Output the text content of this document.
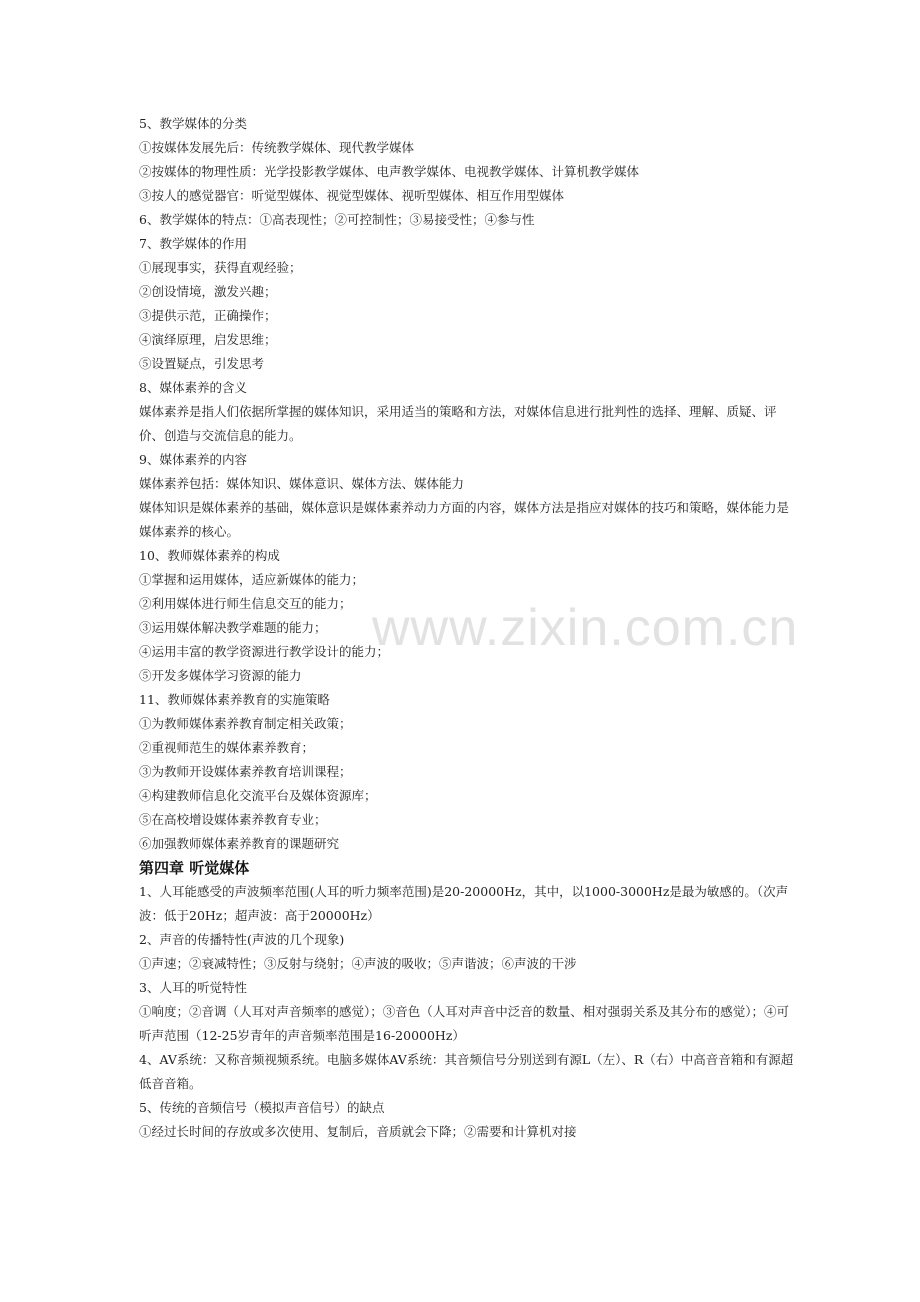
www.zixin.com.cn
5、教学媒体的分类
①按媒体发展先后：传统教学媒体、现代教学媒体
②按媒体的物理性质：光学投影教学媒体、电声教学媒体、电视教学媒体、计算机教学媒体
③按人的感觉器官：听觉型媒体、视觉型媒体、视听型媒体、相互作用型媒体
6、教学媒体的特点：①高表现性；②可控制性；③易接受性；④参与性
7、教学媒体的作用
①展现事实，获得直观经验；
②创设情境，激发兴趣；
③提供示范，正确操作；
④演绎原理，启发思维；
⑤设置疑点，引发思考
8、媒体素养的含义
媒体素养是指人们依据所掌握的媒体知识，采用适当的策略和方法，对媒体信息进行批判性的选择、理解、质疑、评价、创造与交流信息的能力。
9、媒体素养的内容
媒体素养包括：媒体知识、媒体意识、媒体方法、媒体能力
媒体知识是媒体素养的基础，媒体意识是媒体素养动力方面的内容，媒体方法是指应对媒体的技巧和策略，媒体能力是媒体素养的核心。
10、教师媒体素养的构成
①掌握和运用媒体，适应新媒体的能力；
②利用媒体进行师生信息交互的能力；
③运用媒体解决教学难题的能力；
④运用丰富的教学资源进行教学设计的能力；
⑤开发多媒体学习资源的能力
11、教师媒体素养教育的实施策略
①为教师媒体素养教育制定相关政策；
②重视师范生的媒体素养教育；
③为教师开设媒体素养教育培训课程；
④构建教师信息化交流平台及媒体资源库；
⑤在高校增设媒体素养教育专业；
⑥加强教师媒体素养教育的课题研究
第四章 听觉媒体
1、人耳能感受的声波频率范围(人耳的听力频率范围)是20-20000Hz，其中，以1000-3000Hz是最为敏感的。（次声波：低于20Hz；超声波：高于20000Hz）
2、声音的传播特性(声波的几个现象)
①声速；②衰减特性；③反射与绕射；④声波的吸收；⑤声谐波；⑥声波的干涉
3、人耳的听觉特性
①响度；②音调（人耳对声音频率的感觉）；③音色（人耳对声音中泛音的数量、相对强弱关系及其分布的感觉）；④可听声范围（12-25岁青年的声音频率范围是16-20000Hz）
4、AV系统：又称音频视频系统。电脑多媒体AV系统：其音频信号分别送到有源L（左）、R（右）中高音音箱和有源超低音音箱。
5、传统的音频信号（模拟声音信号）的缺点
①经过长时间的存放或多次使用、复制后，音质就会下降；②需要和计算机对接
